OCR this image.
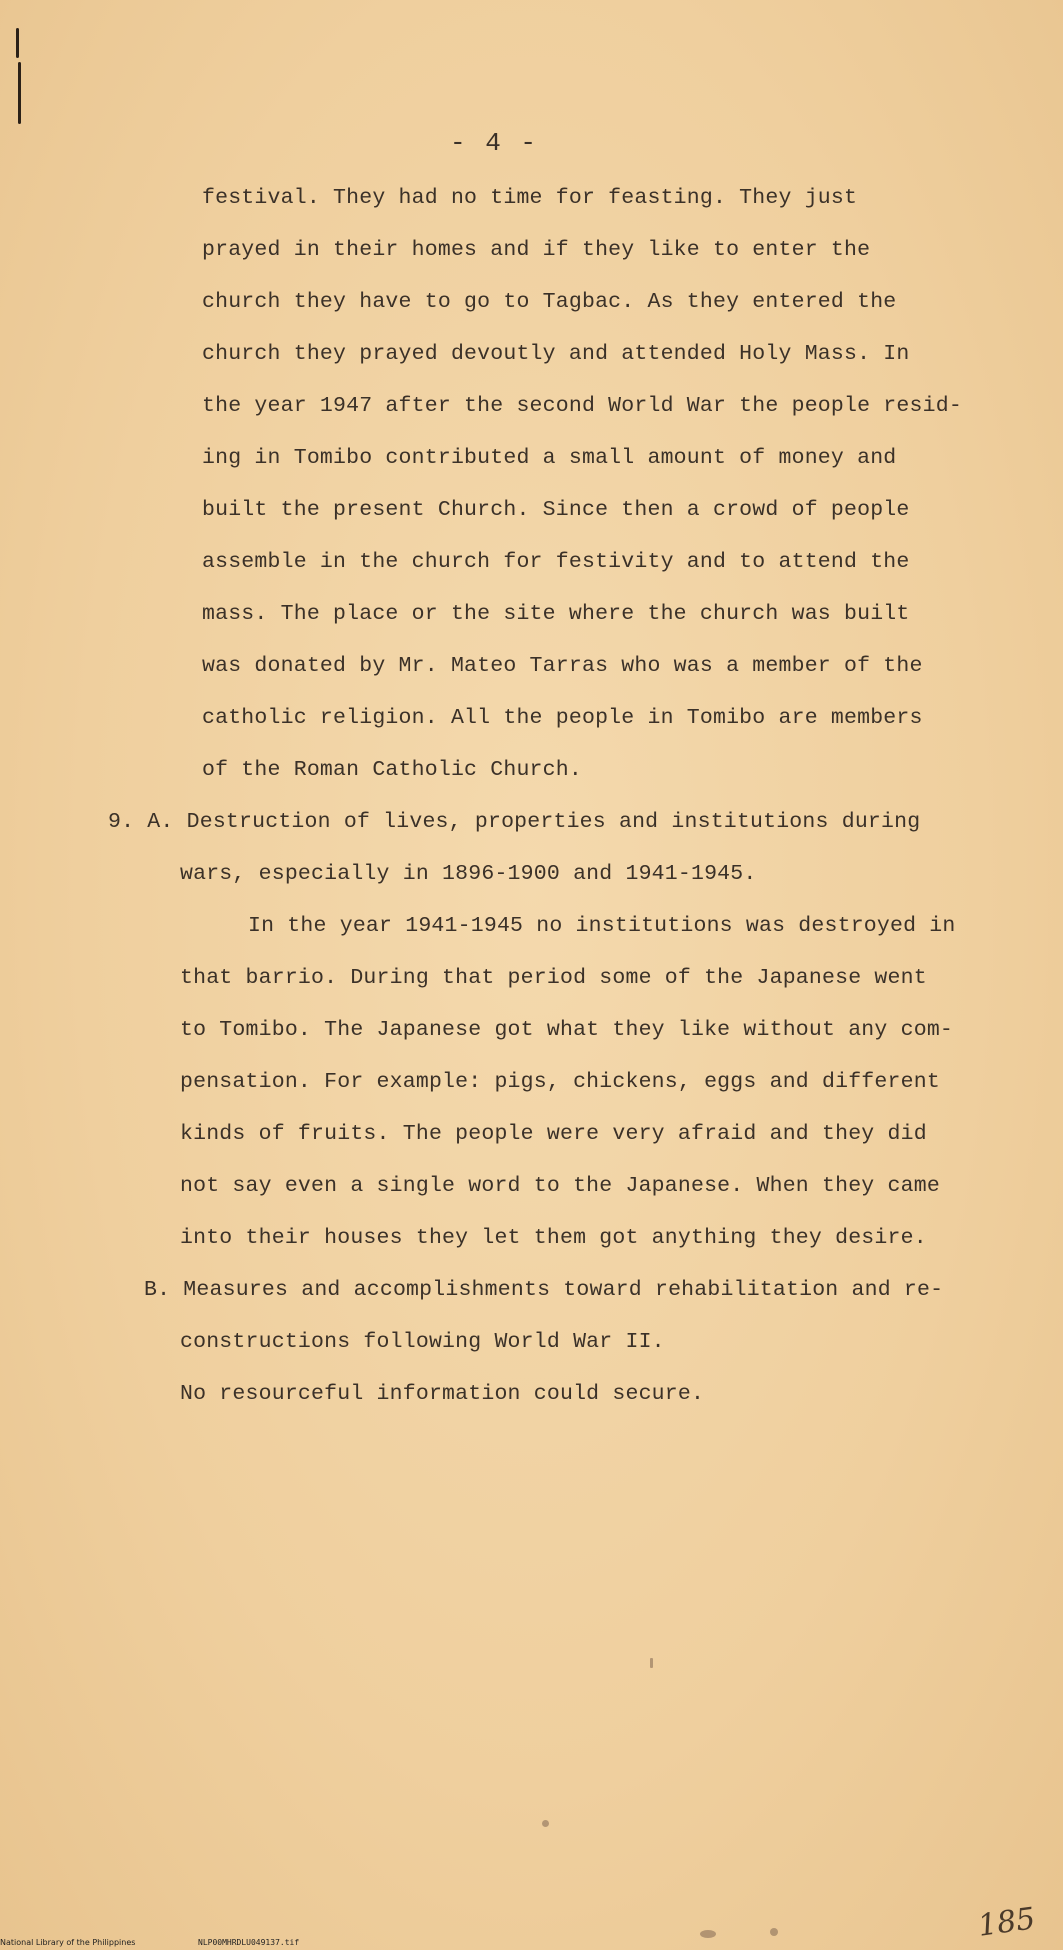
- 4 -
festival. They had no time for feasting. They just
prayed in their homes and if they like to enter the
church they have to go to Tagbac. As they entered the
church they prayed devoutly and attended Holy Mass. In
the year 1947 after the second World War the people resid-
ing in Tomibo contributed a small amount of money and
built the present Church. Since then a crowd of people
assemble in the church for festivity and to attend the
mass. The place or the site where the church was built
was donated by Mr. Mateo Tarras who was a member of the
catholic religion. All the people in Tomibo are members
of the Roman Catholic Church.
9. A. Destruction of lives, properties and institutions during
wars, especially in 1896-1900 and 1941-1945.
In the year 1941-1945 no institutions was destroyed in
that barrio. During that period some of the Japanese went
to Tomibo. The Japanese got what they like without any com-
pensation. For example: pigs, chickens, eggs and different
kinds of fruits. The people were very afraid and they did
not say even a single word to the Japanese. When they came
into their houses they let them got anything they desire.
B. Measures and accomplishments toward rehabilitation and re-
constructions following World War II.
No resourceful information could secure.
185
National Library of the Philippines	NLP00MHRDLU049137.tif
